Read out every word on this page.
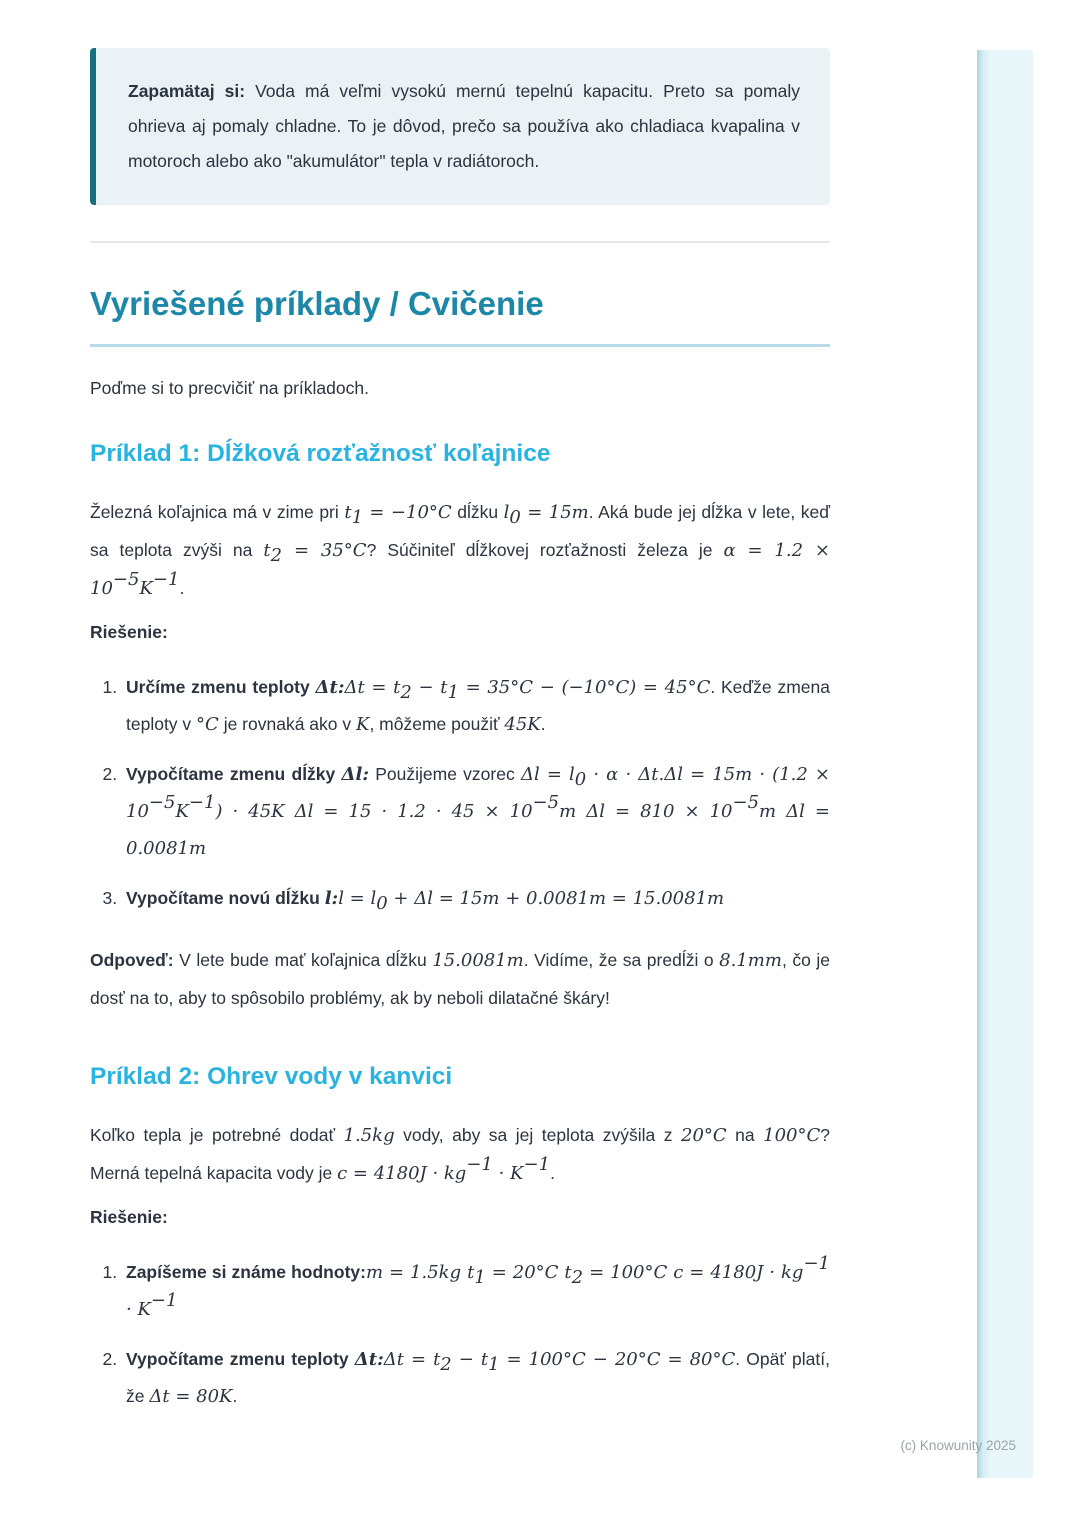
Zapamätaj si: Voda má veľmi vysokú mernú tepelnú kapacitu. Preto sa pomaly ohrieva aj pomaly chladne. To je dôvod, prečo sa používa ako chladiaca kvapalina v motoroch alebo ako "akumulátor" tepla v radiátoroch.
Vyriešené príklady / Cvičenie

Poďme si to precvičiť na príkladoch.

Príklad 1: Dĺžková rozťažnosť koľajnice

Železná koľajnica má v zime pri $t_1 = -10^\circ C$ dĺžku $l_0 = 15m$. Aká bude jej dĺžka v lete, keď sa teplota zvýši na $t_2 = 35^\circ C$? Súčiniteľ dĺžkovej rozťažnosti železa je $\alpha = 1.2 \times 10^{-5}K^{-1}$.

Riešenie:

1. Určíme zmenu teploty Δt:Δt = $t_2 - t_1 = 35^\circ C - (-10^\circ C) = 45^\circ C$. Keďže zmena teploty v °C je rovnaká ako v K, môžeme použiť 45K.
2. Vypočítame zmenu dĺžky Δl: Použijeme vzorec $\Delta l = l_0 \cdot \alpha \cdot \Delta t.\Delta l = 15m \cdot (1.2 \times 10^{-5}K^{-1}) \cdot 45K$ $\Delta l = 15 \cdot 1.2 \cdot 45 \times 10^{-5}m$ $\Delta l = 810 \times 10^{-5}m$ Δl = 0.0081m
3. Vypočítame novú dĺžku l:l = $l_0 + \Delta l = 15m + 0.0081m = 15.0081m$

Odpoveď: V lete bude mať koľajnica dĺžku 15.0081m. Vidíme, že sa predĺži o 8.1mm, čo je dosť na to, aby to spôsobilo problémy, ak by neboli dilatačné škáry!

Príklad 2: Ohrev vody v kanvici

Koľko tepla je potrebné dodať 1.5kg vody, aby sa jej teplota zvýšila z 20°C na 100°C? Merná tepelná kapacita vody je $c = 4180J \cdot kg^{-1} \cdot K^{-1}$.

Riešenie:

1. Zapíšeme si známe hodnoty:m = 1.5kg $t_1 = 20^\circ C$ $t_2 = 100^\circ C$ $c = 4180J \cdot kg^{-1} \cdot K^{-1}$
2. Vypočítame zmenu teploty Δt:Δt = $t_2 - t_1 = 100^\circ C - 20^\circ C = 80^\circ C$. Opäť platí, že Δt = 80K.
(c) Knowunity 2025
